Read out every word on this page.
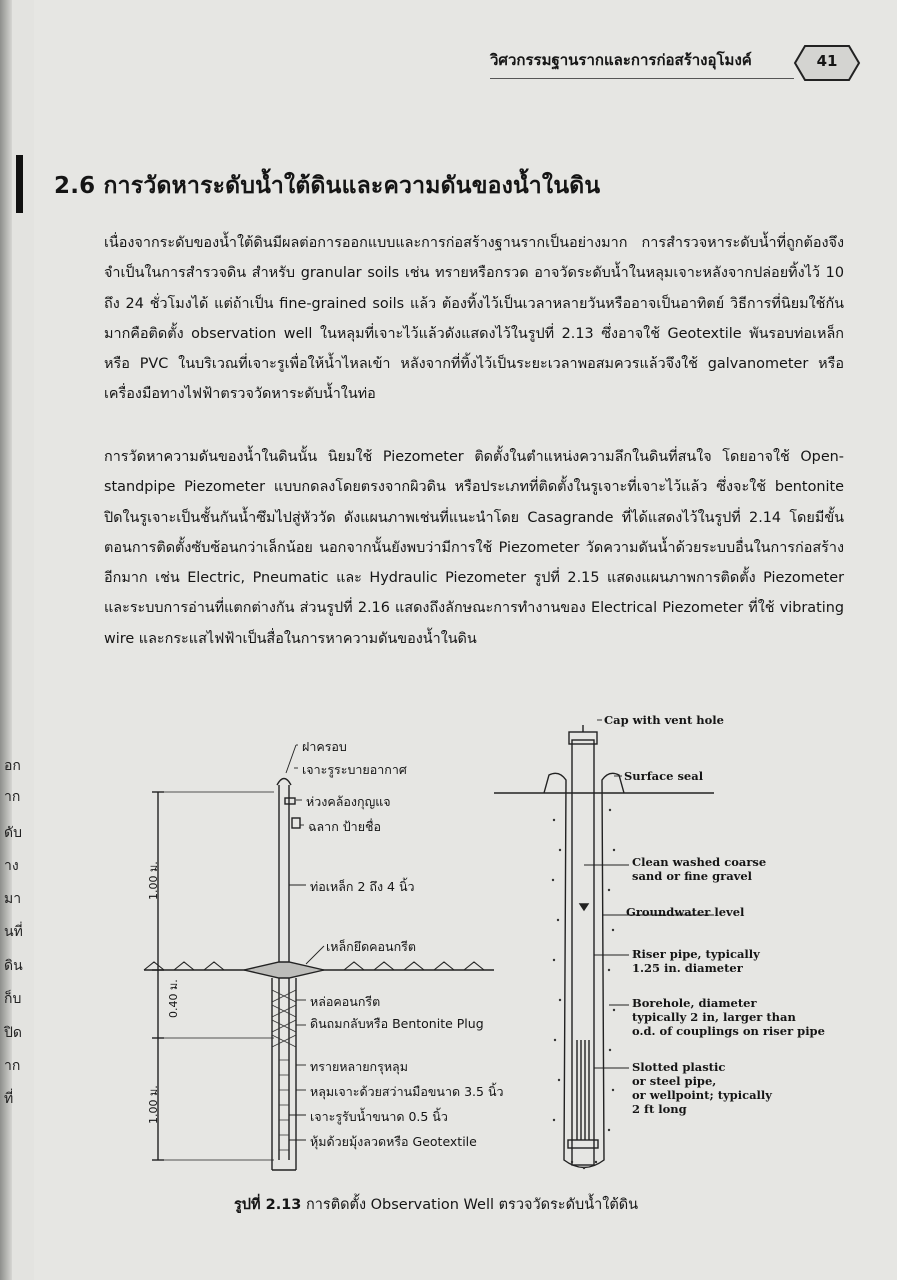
อก
าก
ดับ
าง
มา
นที่
ดิน
ก็บ
ปิด
าก
ที่
วิศวกรรมฐานรากและการก่อสร้างอุโมงค์	41
2.6 การวัดหาระดับน้ำใต้ดินและความดันของน้ำในดิน
เนื่องจากระดับของน้ำใต้ดินมีผลต่อการออกแบบและการก่อสร้างฐานรากเป็นอย่างมาก การสำรวจหาระดับน้ำที่ถูกต้องจึงจำเป็นในการสำรวจดิน สำหรับ granular soils เช่น ทรายหรือกรวด อาจวัดระดับน้ำในหลุมเจาะหลังจากปล่อยทิ้งไว้ 10 ถึง 24 ชั่วโมงได้ แต่ถ้าเป็น fine-grained soils แล้ว ต้องทิ้งไว้เป็นเวลาหลายวันหรืออาจเป็นอาทิตย์ วิธีการที่นิยมใช้กันมากคือติดตั้ง observation well ในหลุมที่เจาะไว้แล้วดังแสดงไว้ในรูปที่ 2.13 ซึ่งอาจใช้ Geotextile พันรอบท่อเหล็กหรือ PVC ในบริเวณที่เจาะรูเพื่อให้น้ำไหลเข้า หลังจากที่ทิ้งไว้เป็นระยะเวลาพอสมควรแล้วจึงใช้ galvanometer หรือเครื่องมือทางไฟฟ้าตรวจวัดหาระดับน้ำในท่อ
การวัดหาความดันของน้ำในดินนั้น นิยมใช้ Piezometer ติดตั้งในตำแหน่งความลึกในดินที่สนใจ โดยอาจใช้ Open-standpipe Piezometer แบบกดลงโดยตรงจากผิวดิน หรือประเภทที่ติดตั้งในรูเจาะที่เจาะไว้แล้ว ซึ่งจะใช้ bentonite ปิดในรูเจาะเป็นชั้นกันน้ำซึมไปสู่หัววัด ดังแผนภาพเช่นที่แนะนำโดย Casagrande ที่ได้แสดงไว้ในรูปที่ 2.14 โดยมีขั้นตอนการติดตั้งซับซ้อนกว่าเล็กน้อย นอกจากนั้นยังพบว่ามีการใช้ Piezometer วัดความดันน้ำด้วยระบบอื่นในการก่อสร้างอีกมาก เช่น Electric, Pneumatic และ Hydraulic Piezometer รูปที่ 2.15 แสดงแผนภาพการติดตั้ง Piezometer และระบบการอ่านที่แตกต่างกัน ส่วนรูปที่ 2.16 แสดงถึงลักษณะการทำงานของ Electrical Piezometer ที่ใช้ vibrating wire และกระแสไฟฟ้าเป็นสื่อในการหาความดันของน้ำในดิน
ฝาครอบ
เจาะรูระบายอากาศ
ห่วงคล้องกุญแจ
ฉลาก ป้ายชื่อ
ท่อเหล็ก 2 ถึง 4 นิ้ว
เหล็กยึดคอนกรีต
หล่อคอนกรีต
ดินถมกลับหรือ Bentonite Plug
ทรายหลายกรุหลุม
หลุมเจาะด้วยสว่านมือขนาด 3.5 นิ้ว
เจาะรูรับน้ำขนาด 0.5 นิ้ว
หุ้มด้วยมุ้งลวดหรือ Geotextile
1.00 ม.
0.40 ม.
1.00 ม.
Cap with vent hole
Surface seal
Clean washed coarse
sand or fine gravel
Groundwater level
Riser pipe, typically
1.25 in. diameter
Borehole, diameter
typically 2 in, larger than
o.d. of couplings on riser pipe
Slotted plastic
or steel pipe,
or wellpoint; typically
2 ft long
รูปที่ 2.13 การติดตั้ง Observation Well ตรวจวัดระดับน้ำใต้ดิน
